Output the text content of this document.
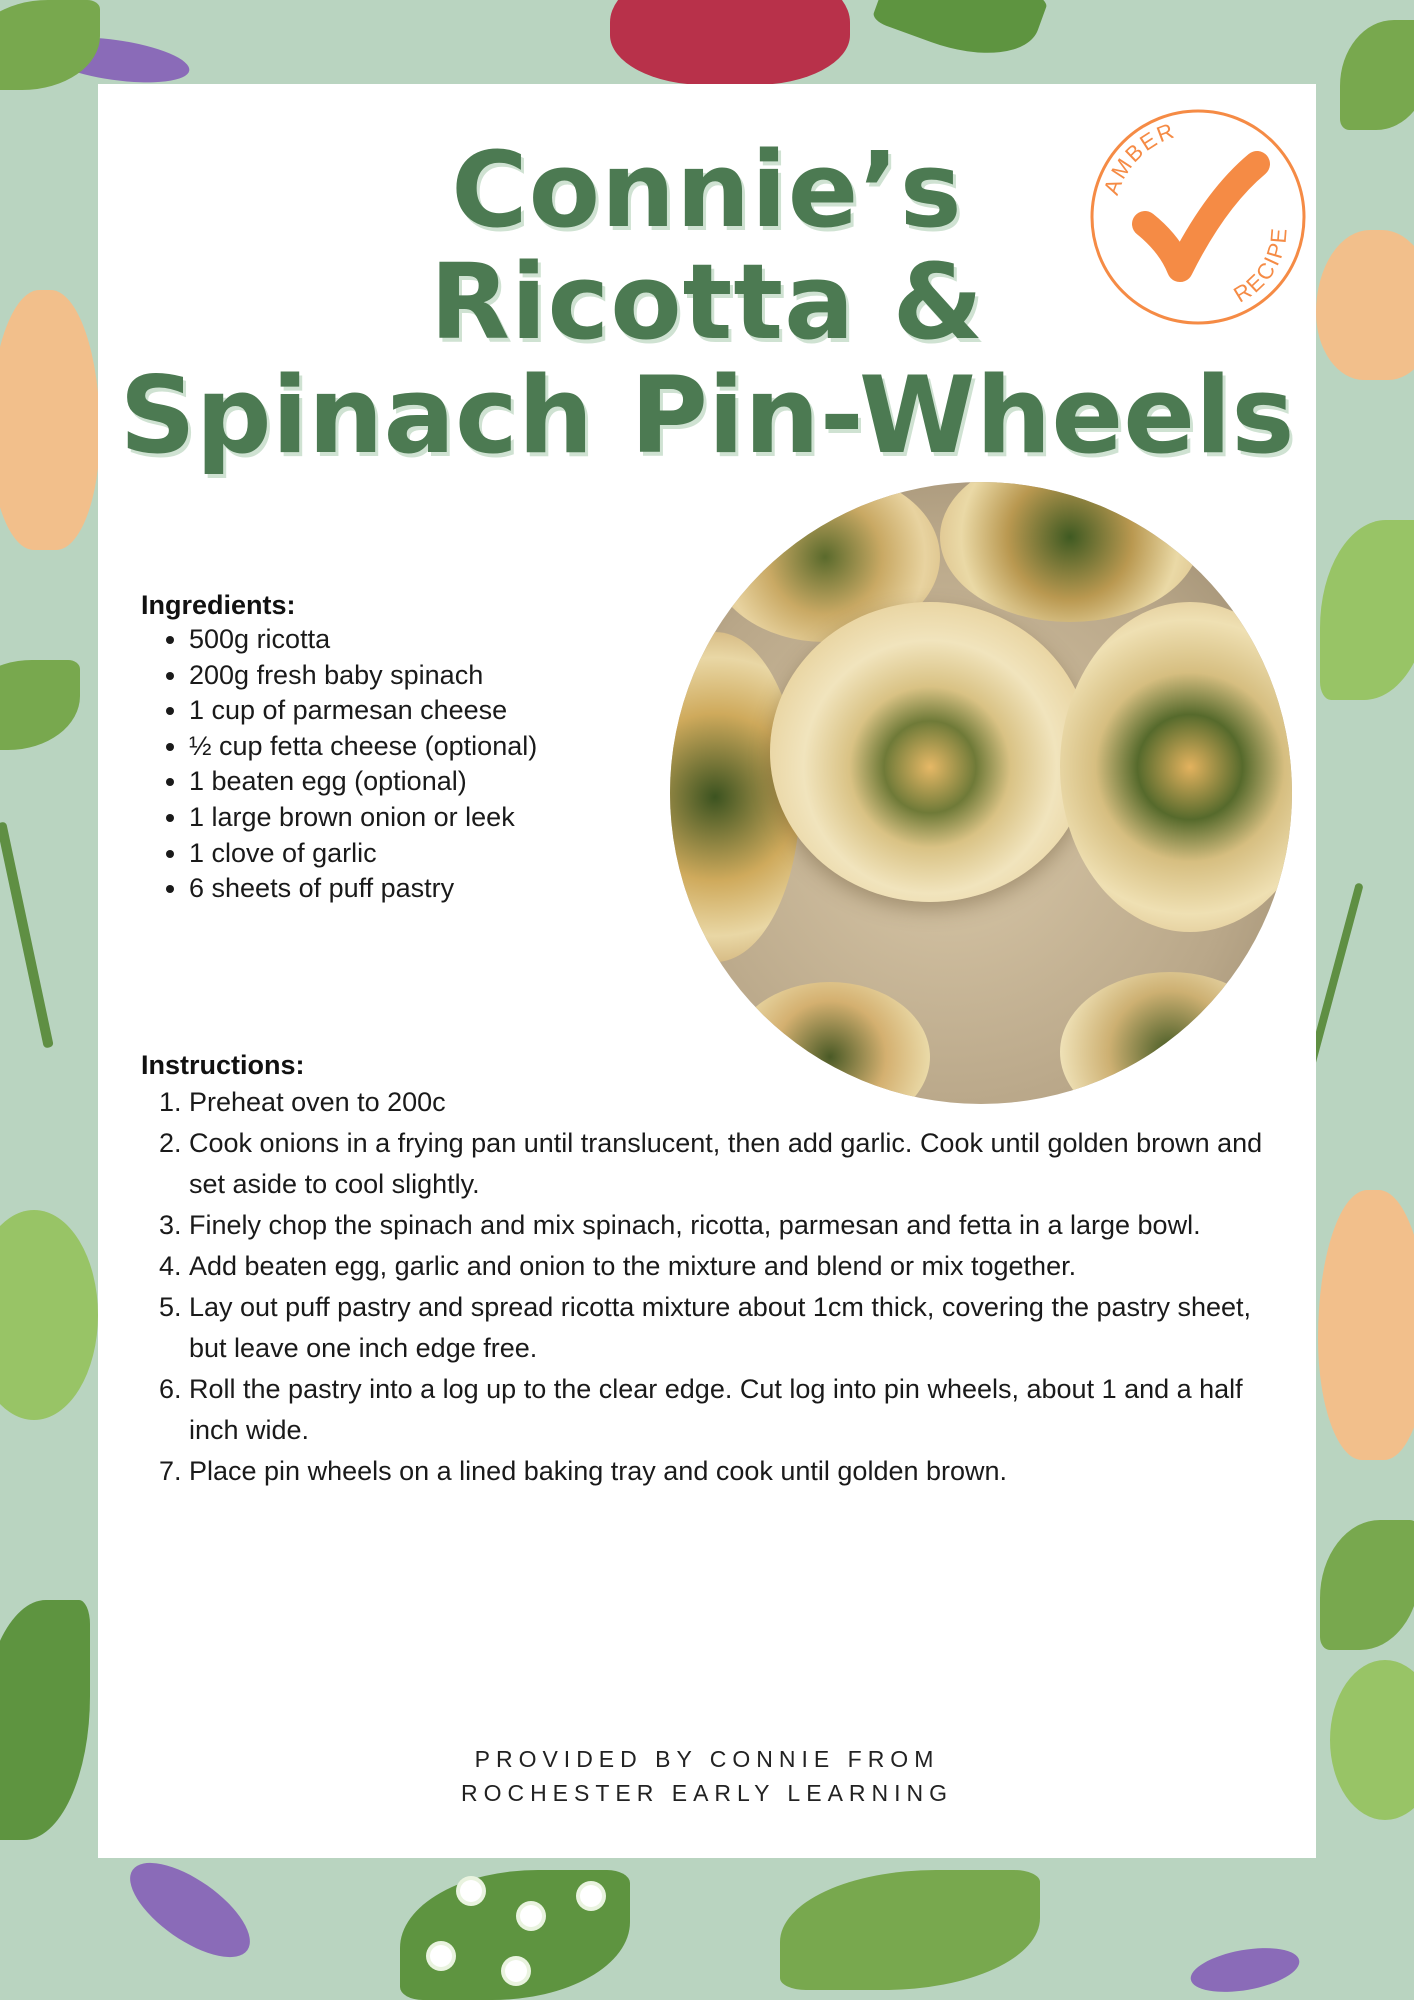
Connie’s
Ricotta &
Spinach Pin-Wheels
AMBER
RECIPE
Ingredients:
• 500g ricotta
• 200g fresh baby spinach
• 1 cup of parmesan cheese
• ½ cup fetta cheese (optional)
• 1 beaten egg (optional)
• 1 large brown onion or leek
• 1 clove of garlic
• 6 sheets of puff pastry
Instructions:
1. Preheat oven to 200c
2. Cook onions in a frying pan until translucent, then add garlic. Cook until golden brown and set aside to cool slightly.
3. Finely chop the spinach and mix spinach, ricotta, parmesan and fetta in a large bowl.
4. Add beaten egg, garlic and onion to the mixture and blend or mix together.
5. Lay out puff pastry and spread ricotta mixture about 1cm thick, covering the pastry sheet, but leave one inch edge free.
6. Roll the pastry into a log up to the clear edge. Cut log into pin wheels, about 1 and a half inch wide.
7. Place pin wheels on a lined baking tray and cook until golden brown.
PROVIDED BY CONNIE FROM
ROCHESTER EARLY LEARNING
